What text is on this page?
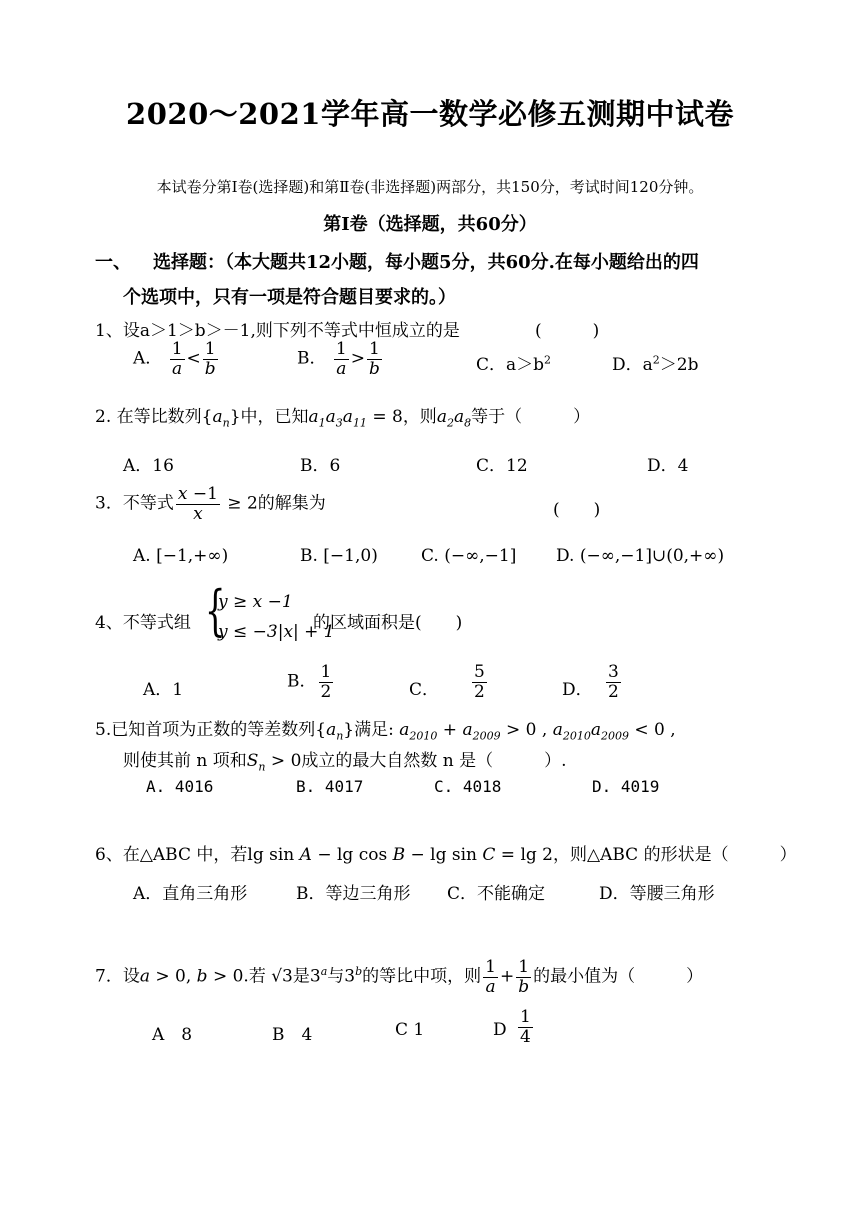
2020～2021学年高一数学必修五测期中试卷
本试卷分第Ⅰ卷(选择题)和第Ⅱ卷(非选择题)两部分，共150分，考试时间120分钟。
第Ⅰ卷（选择题，共60分）
一、 选择题：（本大题共12小题，每小题5分，共60分.在每小题给出的四
个选项中，只有一项是符合题目要求的。）
1、设a＞1＞b＞－1,则下列不等式中恒成立的是	(　　　)
A． $\frac{1}{a} < \frac{1}{b}$	B． $\frac{1}{a} > \frac{1}{b}$	C．$a>b^2$	D．$a^2>2b$
2. 在等比数列$\{a_n\}$中，已知$a_1a_3a_{11} = 8$，则$a_2a_8$等于（　　　）
A．16	B．6	C．12	D．4
3．不等式 $\frac{x -1}{x} \ge 2$的解集为	(　　)
A. [−1,+∞)	B. [−1,0)	C. (−∞,−1] D. (−∞,−1]∪(0,+∞)
4、不等式组 {
y ≥ x −1
y ≤ −3|x| + 1
的区域面积是(　　)
A．1	B． $\frac{1}{2}$	C． $\frac{5}{2}$	D． $\frac{3}{2}$
5.已知首项为正数的等差数列$\{a_n\}$满足: $a_{2010} + a_{2009} > 0$ , $a_{2010}a_{2009} < 0$ ,
则使其前 n 项和$S_n > 0$成立的最大自然数 n 是（　　　）.
A. 4016	B. 4017	C. 4018	D. 4019
6、在△ABC 中，若lg sin A − lg cos B − lg sin C = lg 2，则△ABC 的形状是（　　　）
A．直角三角形	B．等边三角形 C．不能确定	D．等腰三角形
7．设a > 0, b > 0.若 √3是3$^a$与3$^b$的等比中项，则 $\frac{1}{a} + \frac{1}{b}$ 的最小值为（　　　）
A　8	B　4	C 1	D $\frac{1}{4}$
